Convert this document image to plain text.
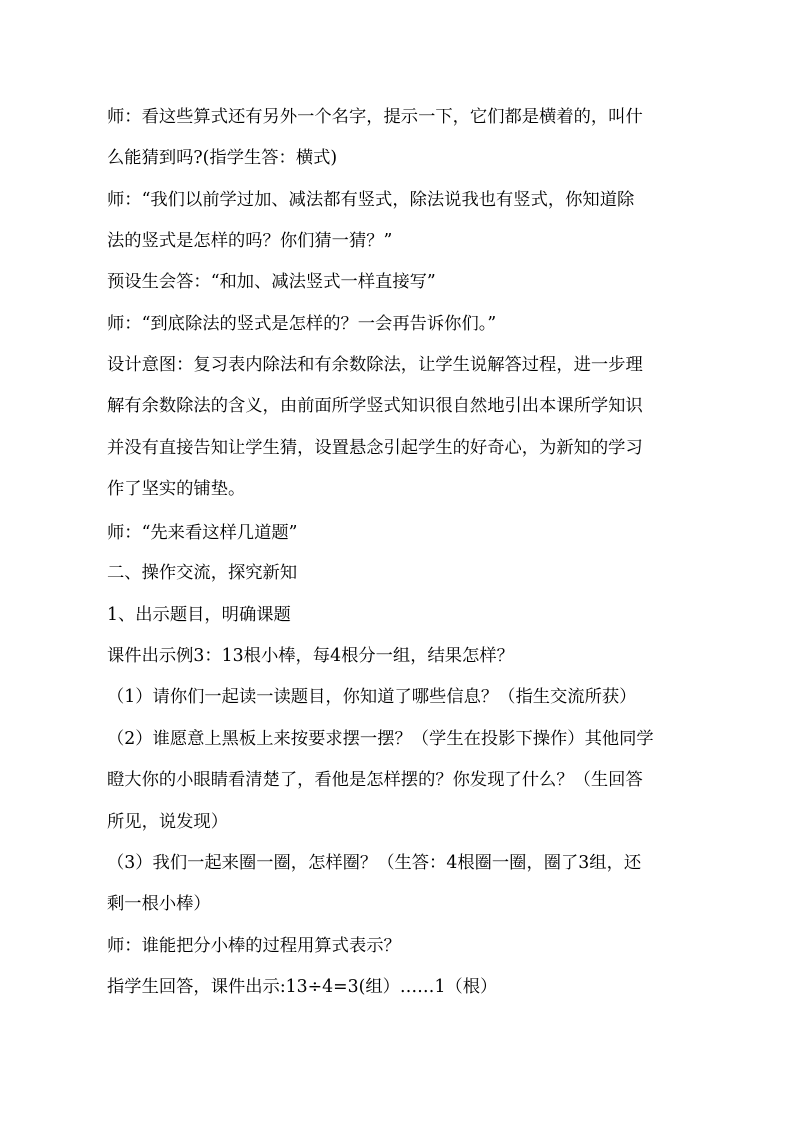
师：看这些算式还有另外一个名字，提示一下，它们都是横着的，叫什
么能猜到吗?(指学生答：横式)
师：“我们以前学过加、减法都有竖式，除法说我也有竖式，你知道除
法的竖式是怎样的吗？你们猜一猜？”
预设生会答：“和加、减法竖式一样直接写”
师：“到底除法的竖式是怎样的？一会再告诉你们。”
设计意图：复习表内除法和有余数除法，让学生说解答过程，进一步理
解有余数除法的含义，由前面所学竖式知识很自然地引出本课所学知识
并没有直接告知让学生猜，设置悬念引起学生的好奇心，为新知的学习
作了坚实的铺垫。
师：“先来看这样几道题”
二、操作交流，探究新知
1、出示题目，明确课题
课件出示例3：13根小棒，每4根分一组，结果怎样？
（1）请你们一起读一读题目，你知道了哪些信息？（指生交流所获）
（2）谁愿意上黑板上来按要求摆一摆？（学生在投影下操作）其他同学
瞪大你的小眼睛看清楚了，看他是怎样摆的？你发现了什么？（生回答
所见，说发现）
（3）我们一起来圈一圈，怎样圈？（生答：4根圈一圈，圈了3组，还
剩一根小棒）
师：谁能把分小棒的过程用算式表示？
指学生回答，课件出示:13÷4=3(组）……1（根）
